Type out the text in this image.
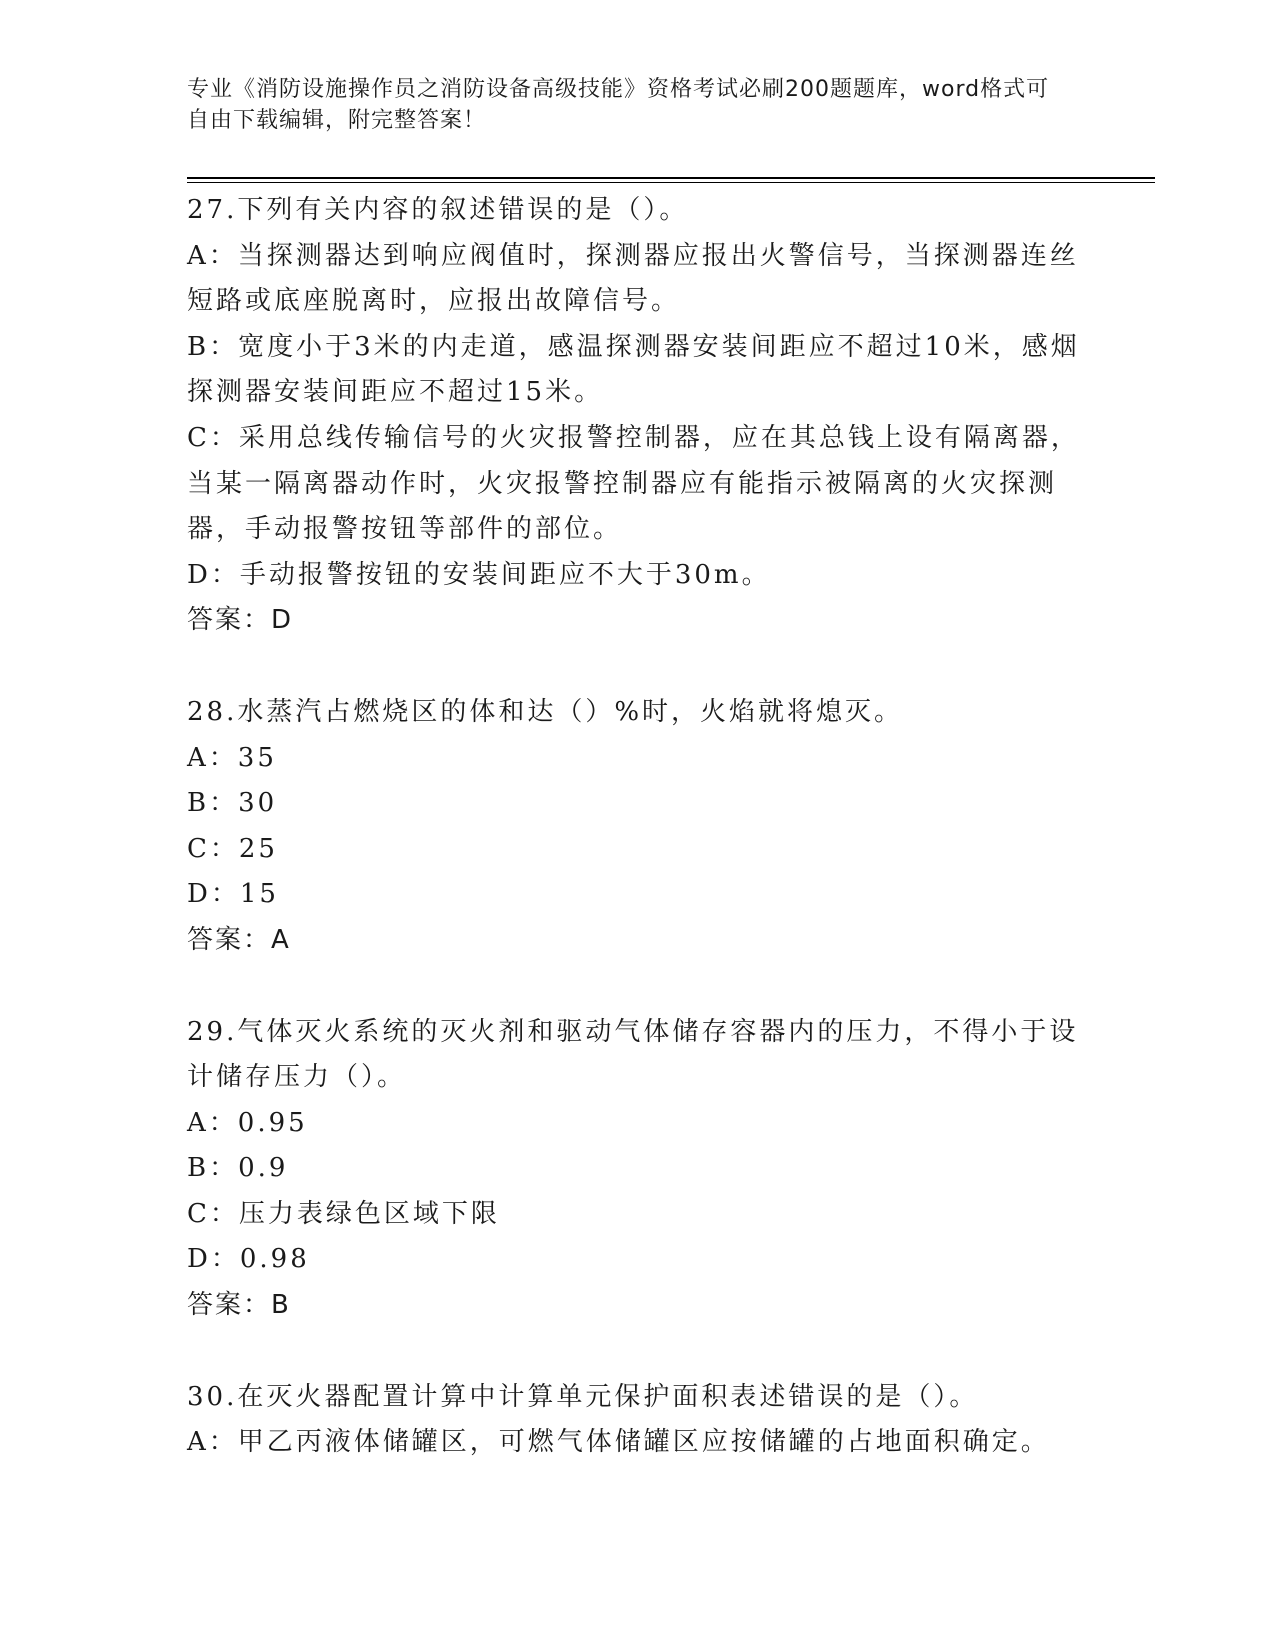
专业《消防设施操作员之消防设备高级技能》资格考试必刷200题题库，word格式可自由下载编辑，附完整答案！

27.下列有关内容的叙述错误的是（）。

A：当探测器达到响应阀值时，探测器应报出火警信号，当探测器连丝短路或底座脱离时，应报出故障信号。

B：宽度小于3米的内走道，感温探测器安装间距应不超过10米，感烟探测器安装间距应不超过15米。

C：采用总线传输信号的火灾报警控制器，应在其总钱上设有隔离器，当某一隔离器动作时，火灾报警控制器应有能指示被隔离的火灾探测器，手动报警按钮等部件的部位。

D：手动报警按钮的安装间距应不大于30m。

答案：D

28.水蒸汽占燃烧区的体和达（）%时，火焰就将熄灭。

A：35

B：30

C：25

D：15

答案：A

29.气体灭火系统的灭火剂和驱动气体储存容器内的压力，不得小于设计储存压力（）。

A：0.95

B：0.9

C：压力表绿色区域下限

D：0.98

答案：B

30.在灭火器配置计算中计算单元保护面积表述错误的是（）。

A：甲乙丙液体储罐区，可燃气体储罐区应按储罐的占地面积确定。
